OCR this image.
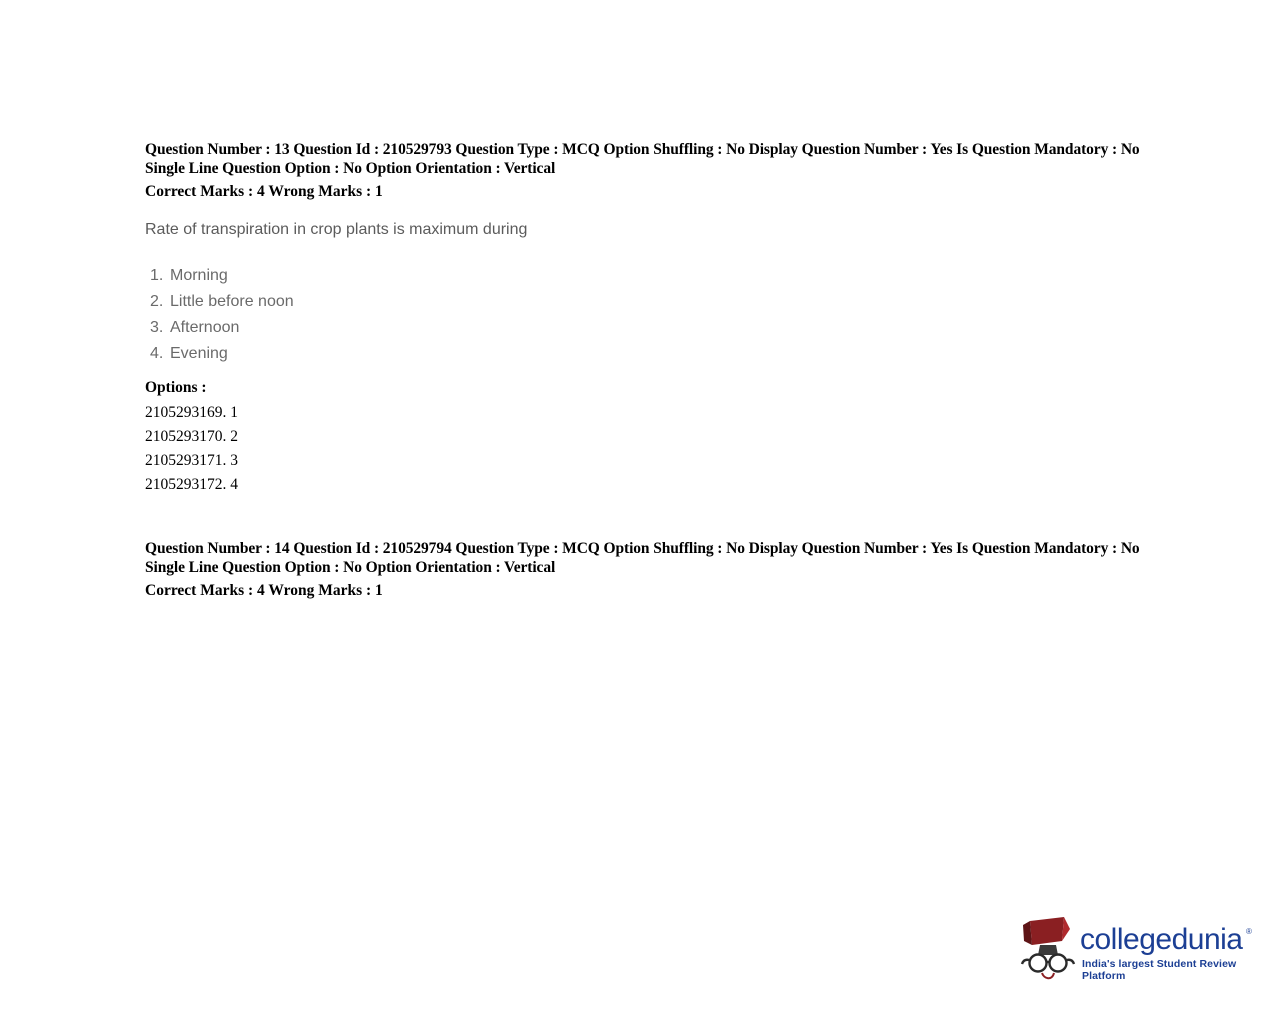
Question Number : 13 Question Id : 210529793 Question Type : MCQ Option Shuffling : No Display Question Number : Yes Is Question Mandatory : No Single Line Question Option : No Option Orientation : Vertical
Correct Marks : 4 Wrong Marks : 1
Rate of transpiration in crop plants is maximum during
1. Morning
2. Little before noon
3. Afternoon
4. Evening
Options :
2105293169. 1
2105293170. 2
2105293171. 3
2105293172. 4
Question Number : 14 Question Id : 210529794 Question Type : MCQ Option Shuffling : No Display Question Number : Yes Is Question Mandatory : No Single Line Question Option : No Option Orientation : Vertical
Correct Marks : 4 Wrong Marks : 1
collegedunia ®
India's largest Student Review Platform
